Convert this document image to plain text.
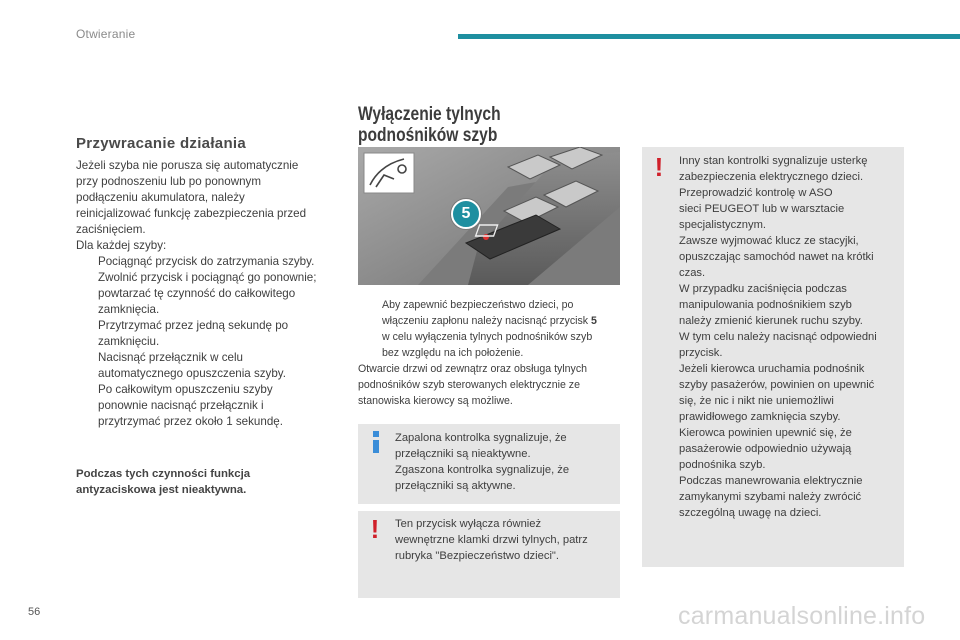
Otwieranie
Przywracanie działania
Jeżeli szyba nie porusza się automatycznie
przy podnoszeniu lub po ponownym
podłączeniu akumulatora, należy
reinicjalizować funkcję zabezpieczenia przed
zaciśnięciem.
Dla każdej szyby:
Pociągnąć przycisk do zatrzymania szyby.
Zwolnić przycisk i pociągnąć go ponownie;
powtarzać tę czynność do całkowitego
zamknięcia.
Przytrzymać przez jedną sekundę po
zamknięciu.
Nacisnąć przełącznik w celu
automatycznego opuszczenia szyby.
Po całkowitym opuszczeniu szyby
ponownie nacisnąć przełącznik i
przytrzymać przez około 1 sekundę.
Podczas tych czynności funkcja
antyzaciskowa jest nieaktywna.
Wyłączenie tylnych podnośników szyb
5
Aby zapewnić bezpieczeństwo dzieci, po
włączeniu zapłonu należy nacisnąć przycisk 5
w celu wyłączenia tylnych podnośników szyb
bez względu na ich położenie.
Otwarcie drzwi od zewnątrz oraz obsługa tylnych
podnośników szyb sterowanych elektrycznie ze
stanowiska kierowcy są możliwe.
Zapalona kontrolka sygnalizuje, że
przełączniki są nieaktywne.
Zgaszona kontrolka sygnalizuje, że
przełączniki są aktywne.
! Ten przycisk wyłącza również
wewnętrzne klamki drzwi tylnych, patrz
rubryka "Bezpieczeństwo dzieci".
! Inny stan kontrolki sygnalizuje usterkę
zabezpieczenia elektrycznego dzieci.
Przeprowadzić kontrolę w ASO
sieci PEUGEOT lub w warsztacie
specjalistycznym.
Zawsze wyjmować klucz ze stacyjki,
opuszczając samochód nawet na krótki
czas.
W przypadku zaciśnięcia podczas
manipulowania podnośnikiem szyb
należy zmienić kierunek ruchu szyby.
W tym celu należy nacisnąć odpowiedni
przycisk.
Jeżeli kierowca uruchamia podnośnik
szyby pasażerów, powinien on upewnić
się, że nic i nikt nie uniemożliwi
prawidłowego zamknięcia szyby.
Kierowca powinien upewnić się, że
pasażerowie odpowiednio używają
podnośnika szyb.
Podczas manewrowania elektrycznie
zamykanymi szybami należy zwrócić
szczególną uwagę na dzieci.
56	carmanualsonline.info
